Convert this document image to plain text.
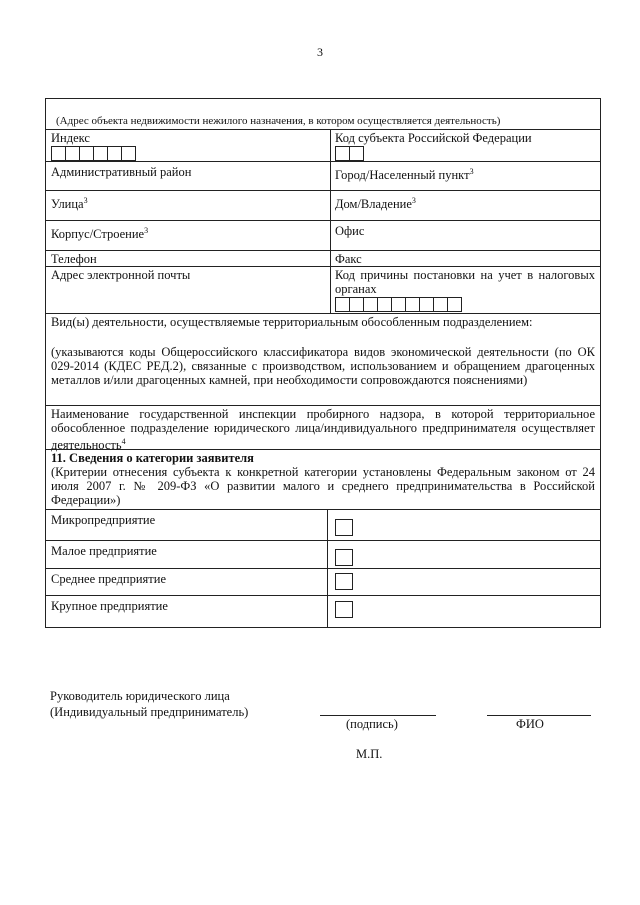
3
(Адрес объекта недвижимости нежилого назначения, в котором осуществляется деятельность)
Индекс	Код субъекта Российской Федерации
Административный район	Город/Населенный пункт$^3$
Улица$^3$	Дом/Владение$^3$
Корпус/Строение$^3$	Офис
Телефон	Факс
Адрес электронной почты	Код причины постановки на учет в налоговых органах
Вид(ы) деятельности, осуществляемые территориальным обособленным подразделением:
(указываются коды Общероссийского классификатора видов экономической деятельности (по ОК 029-2014 (КДЕС РЕД.2), связанные с производством, использованием и обращением драгоценных металлов и/или драгоценных камней, при необходимости сопровождаются пояснениями)
Наименование государственной инспекции пробирного надзора, в которой территориальное обособленное подразделение юридического лица/индивидуального предпринимателя осуществляет деятельность$^4$
11. Сведения о категории заявителя
(Критерии отнесения субъекта к конкретной категории установлены Федеральным законом от 24 июля 2007 г. № 209-ФЗ «О развитии малого и среднего предпринимательства в Российской Федерации»)
Микропредприятие
Малое предприятие
Среднее предприятие
Крупное предприятие
Руководитель юридического лица
(Индивидуальный предприниматель)
(подпись)	ФИО
М.П.
